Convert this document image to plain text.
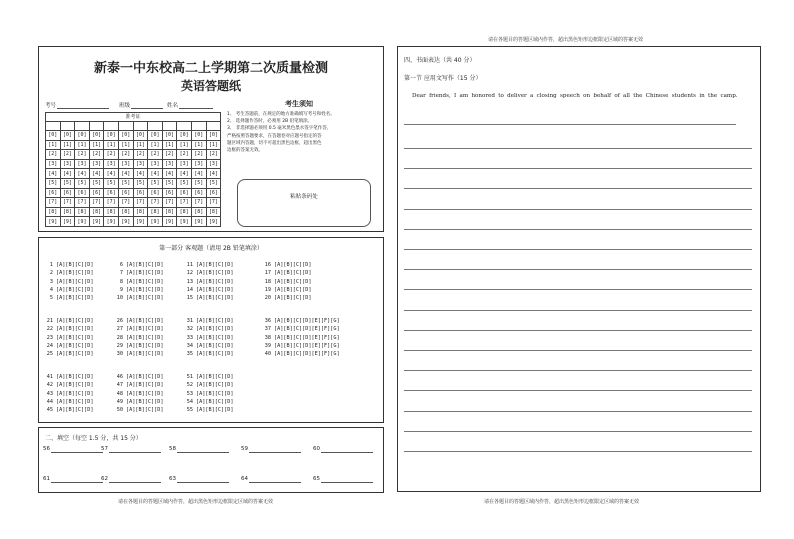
请在各题目的答题区域内作答，超出黑色矩形边框限定区域的答案无效
新泰一中东校高二上学期第二次质量检测
英语答题纸
考号	班级	姓名
准考证											

[0]	[0]	[0]	[0]	[0]	[0]	[0]	[0]	[0]	[0]	[0]	[0]
[1]	[1]	[1]	[1]	[1]	[1]	[1]	[1]	[1]	[1]	[1]	[1]
[2]	[2]	[2]	[2]	[2]	[2]	[2]	[2]	[2]	[2]	[2]	[2]
[3]	[3]	[3]	[3]	[3]	[3]	[3]	[3]	[3]	[3]	[3]	[3]
[4]	[4]	[4]	[4]	[4]	[4]	[4]	[4]	[4]	[4]	[4]	[4]
[5]	[5]	[5]	[5]	[5]	[5]	[5]	[5]	[5]	[5]	[5]	[5]
[6]	[6]	[6]	[6]	[6]	[6]	[6]	[6]	[6]	[6]	[6]	[6]
[7]	[7]	[7]	[7]	[7]	[7]	[7]	[7]	[7]	[7]	[7]	[7]
[8]	[8]	[8]	[8]	[8]	[8]	[8]	[8]	[8]	[8]	[8]	[8]
[9]	[9]	[9]	[9]	[9]	[9]	[9]	[9]	[9]	[9]	[9]	[9]
考生须知
1、 考生答题前，在规定的地方准确填写考号和姓名。
2、 选择题作答时，必须用 2B 铅笔填涂。
3、 非选择题必须用 0.5 毫米黑色墨水签字笔作答，
严格按照答题要求，在答题卷对应题号指定的答
题区域内答题，切不可超出黑色边框，超出黑色
边框的答案无效。
粘贴条码处
第一部分 客观题（请用 2B 铅笔填涂）
1 [A][B][C][D]
2 [A][B][C][D]
3 [A][B][C][D]
4 [A][B][C][D]
5 [A][B][C][D]
6 [A][B][C][D]
7 [A][B][C][D]
8 [A][B][C][D]
9 [A][B][C][D]
10 [A][B][C][D]
11 [A][B][C][D]
12 [A][B][C][D]
13 [A][B][C][D]
14 [A][B][C][D]
15 [A][B][C][D]
16 [A][B][C][D]
17 [A][B][C][D]
18 [A][B][C][D]
19 [A][B][C][D]
20 [A][B][C][D]
21 [A][B][C][D]
22 [A][B][C][D]
23 [A][B][C][D]
24 [A][B][C][D]
25 [A][B][C][D]
26 [A][B][C][D]
27 [A][B][C][D]
28 [A][B][C][D]
29 [A][B][C][D]
30 [A][B][C][D]
31 [A][B][C][D]
32 [A][B][C][D]
33 [A][B][C][D]
34 [A][B][C][D]
35 [A][B][C][D]
36 [A][B][C][D][E][F][G]
37 [A][B][C][D][E][F][G]
38 [A][B][C][D][E][F][G]
39 [A][B][C][D][E][F][G]
40 [A][B][C][D][E][F][G]
41 [A][B][C][D]
42 [A][B][C][D]
43 [A][B][C][D]
44 [A][B][C][D]
45 [A][B][C][D]
46 [A][B][C][D]
47 [A][B][C][D]
48 [A][B][C][D]
49 [A][B][C][D]
50 [A][B][C][D]
51 [A][B][C][D]
52 [A][B][C][D]
53 [A][B][C][D]
54 [A][B][C][D]
55 [A][B][C][D]
二、填空（每空 1.5 分，共 15 分）
56	57	58	59	60
61	62	63	64	65
请在各题目的答题区域内作答，超出黑色矩形边框限定区域的答案无效
四、书面表达（共 40 分）
第一节 应用文写作（15 分）
Dear friends, I am honored to deliver a closing speech on behalf of all the Chinese students in the camp.
请在各题目的答题区域内作答，超出黑色矩形边框限定区域的答案无效
